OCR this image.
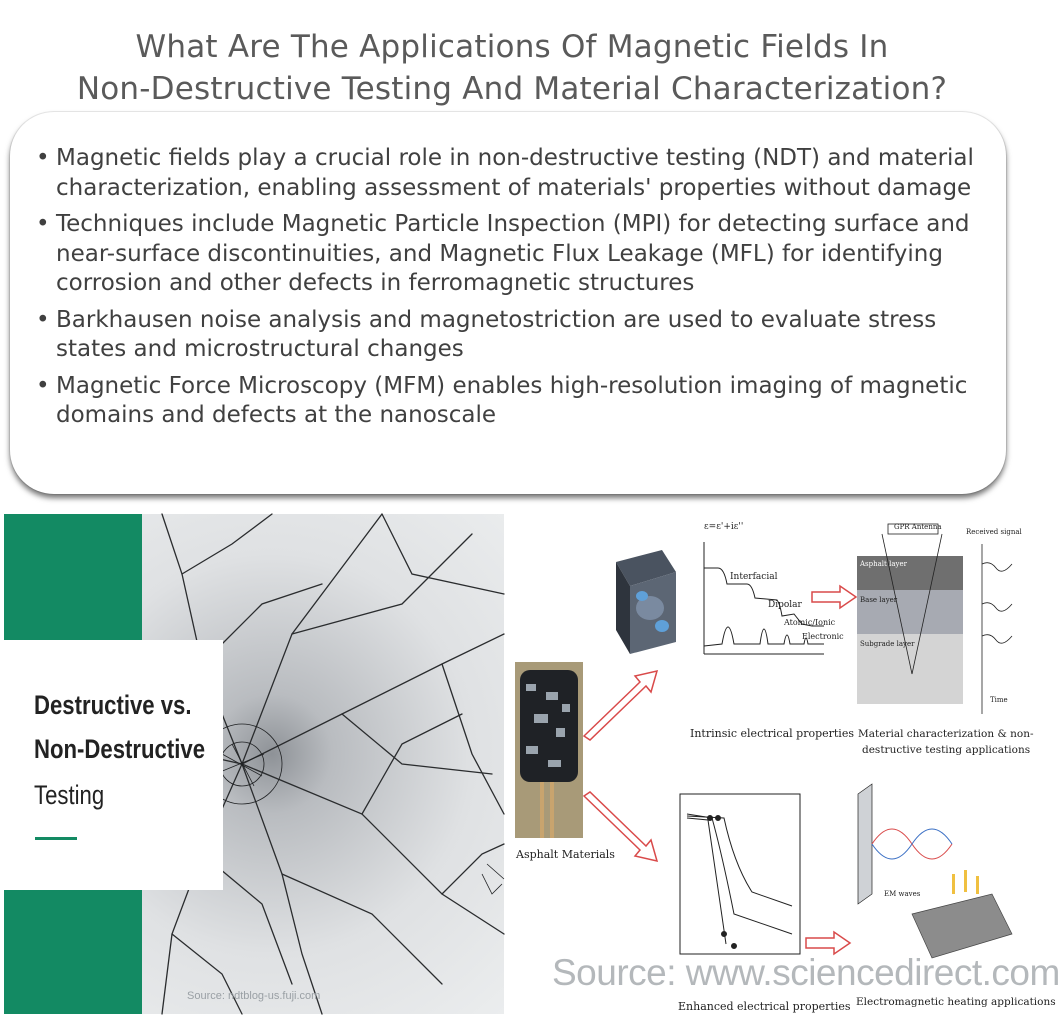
What Are The Applications Of Magnetic Fields In
Non-Destructive Testing And Material Characterization?
• Magnetic fields play a crucial role in non-destructive testing (NDT) and material characterization, enabling assessment of materials' properties without damage
• Techniques include Magnetic Particle Inspection (MPI) for detecting surface and near-surface discontinuities, and Magnetic Flux Leakage (MFL) for identifying corrosion and other defects in ferromagnetic structures
• Barkhausen noise analysis and magnetostriction are used to evaluate stress states and microstructural changes
• Magnetic Force Microscopy (MFM) enables high-resolution imaging of magnetic domains and defects at the nanoscale
Destructive vs.
Non-Destructive
Testing
Source: ndtblog-us.fuji.com
ε=ε'+iε''
Interfacial
Dipolar
Atomic/Ionic
Electronic
GPR Antenna
Received signal
Asphalt layer
Base layer
Subgrade layer
Time
EM waves
Asphalt Materials
Intrinsic electrical properties Material characterization & non-
destructive testing applications
Enhanced electrical properties Electromagnetic heating applications
Source: www.sciencedirect.com
